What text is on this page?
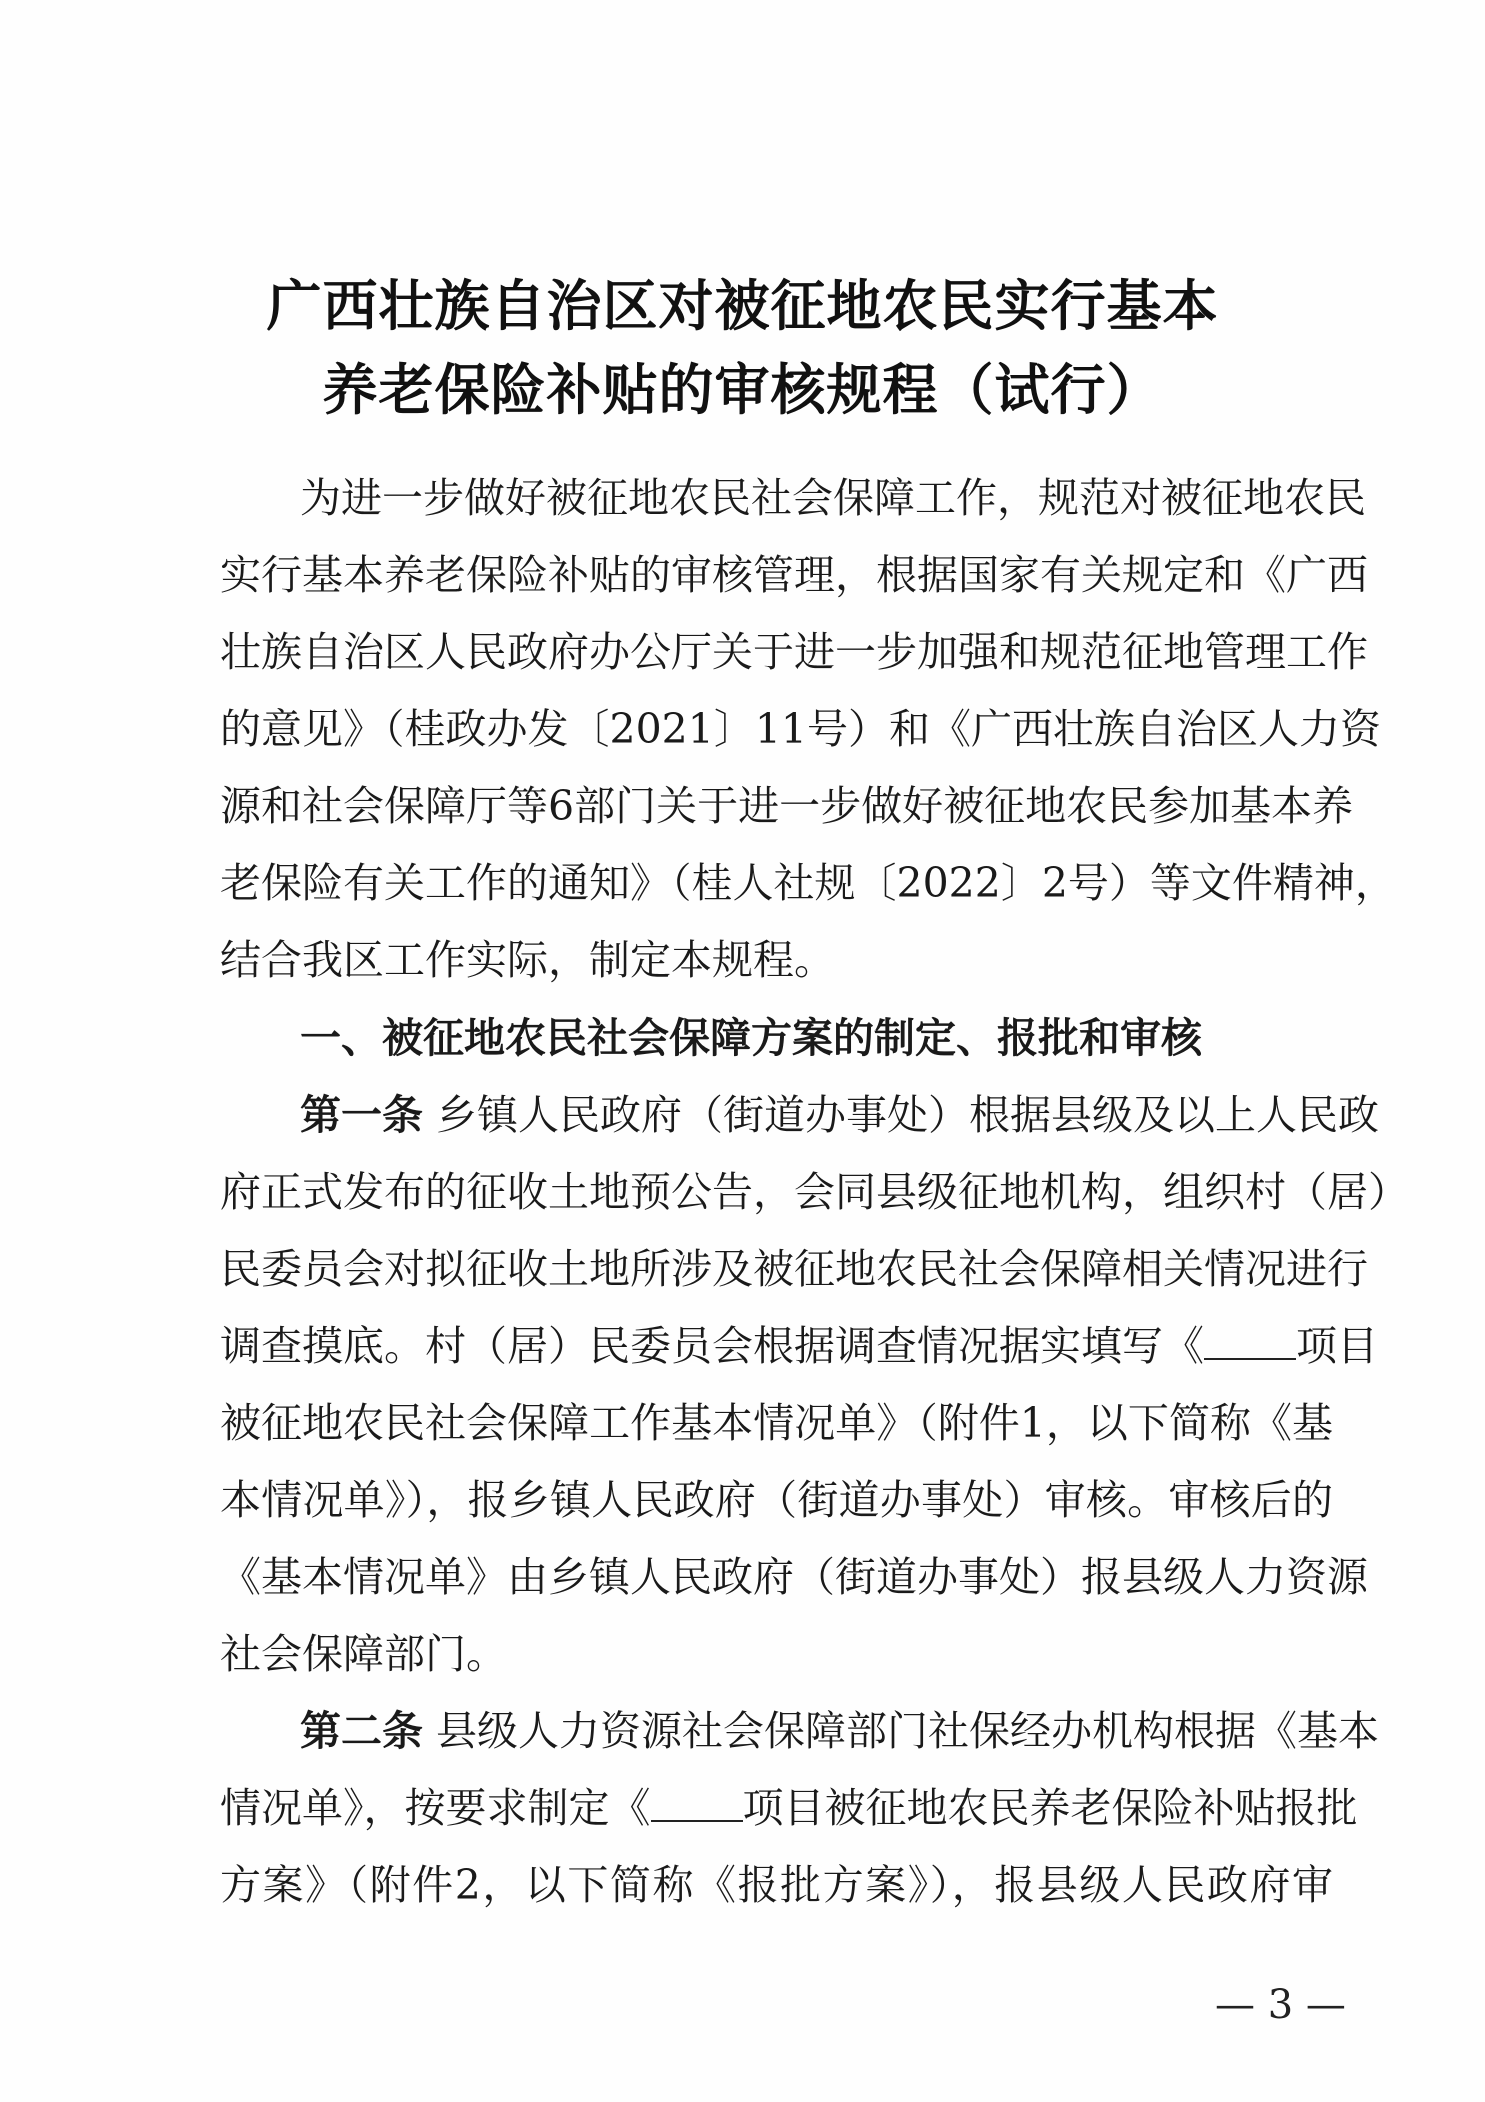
广西壮族自治区对被征地农民实行基本
养老保险补贴的审核规程（试行）
为进一步做好被征地农民社会保障工作，规范对被征地农民
实行基本养老保险补贴的审核管理，根据国家有关规定和《广西
壮族自治区人民政府办公厅关于进一步加强和规范征地管理工作
的意见》（桂政办发〔2021〕11号）和《广西壮族自治区人力资
源和社会保障厅等6部门关于进一步做好被征地农民参加基本养
老保险有关工作的通知》（桂人社规〔2022〕2号）等文件精神，
结合我区工作实际，制定本规程。
一、被征地农民社会保障方案的制定、报批和审核
第一条 乡镇人民政府（街道办事处）根据县级及以上人民政
府正式发布的征收土地预公告，会同县级征地机构，组织村（居）
民委员会对拟征收土地所涉及被征地农民社会保障相关情况进行
调查摸底。村（居）民委员会根据调查情况据实填写《 项目
被征地农民社会保障工作基本情况单》（附件1，以下简称《基
本情况单》），报乡镇人民政府（街道办事处）审核。审核后的
《基本情况单》由乡镇人民政府（街道办事处）报县级人力资源
社会保障部门。
第二条 县级人力资源社会保障部门社保经办机构根据《基本
情况单》，按要求制定《 项目被征地农民养老保险补贴报批
方案》（附件2，以下简称《报批方案》），报县级人民政府审
— 3 —
